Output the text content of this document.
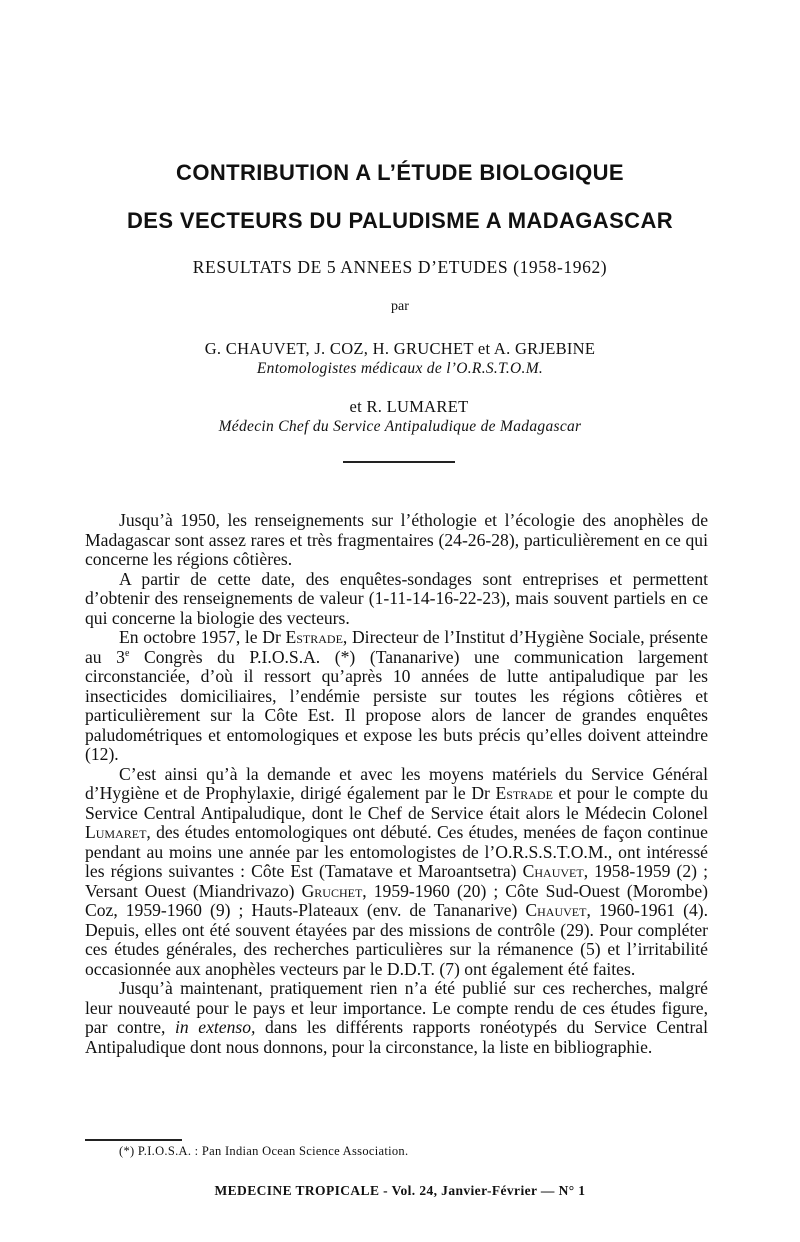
CONTRIBUTION A L’ÉTUDE BIOLOGIQUE
DES VECTEURS DU PALUDISME A MADAGASCAR
RESULTATS DE 5 ANNEES D’ETUDES (1958-1962)
par
G. CHAUVET, J. COZ, H. GRUCHET et A. GRJEBINE
Entomologistes médicaux de l’O.R.S.T.O.M.
et R. LUMARET
Médecin Chef du Service Antipaludique de Madagascar

Jusqu’à 1950, les renseignements sur l’éthologie et l’écologie des anophèles de Madagascar sont assez rares et très fragmentaires (24-26-28), particulièrement en ce qui concerne les régions côtières.

A partir de cette date, des enquêtes-sondages sont entreprises et permettent d’obtenir des renseignements de valeur (1-11-14-16-22-23), mais souvent partiels en ce qui concerne la biologie des vecteurs.

En octobre 1957, le Dr Estrade, Directeur de l’Institut d’Hygiène Sociale, présente au 3e Congrès du P.I.O.S.A. (*) (Tananarive) une communication largement circonstanciée, d’où il ressort qu’après 10 années de lutte antipaludique par les insecticides domiciliaires, l’endémie persiste sur toutes les régions côtières et particulièrement sur la Côte Est. Il propose alors de lancer de grandes enquêtes paludométriques et entomologiques et expose les buts précis qu’elles doivent atteindre (12).

C’est ainsi qu’à la demande et avec les moyens matériels du Service Général d’Hygiène et de Prophylaxie, dirigé également par le Dr Estrade et pour le compte du Service Central Antipaludique, dont le Chef de Service était alors le Médecin Colonel Lumaret, des études entomologiques ont débuté. Ces études, menées de façon continue pendant au moins une année par les entomologistes de l’O.R.S.S.T.O.M., ont intéressé les régions suivantes : Côte Est (Tamatave et Maroantsetra) Chauvet, 1958-1959 (2) ; Versant Ouest (Miandrivazo) Gruchet, 1959-1960 (20) ; Côte Sud-Ouest (Morombe) Coz, 1959-1960 (9) ; Hauts-Plateaux (env. de Tananarive) Chauvet, 1960-1961 (4). Depuis, elles ont été souvent étayées par des missions de contrôle (29). Pour compléter ces études générales, des recherches particulières sur la rémanence (5) et l’irritabilité occasionnée aux anophèles vecteurs par le D.D.T. (7) ont également été faites.

Jusqu’à maintenant, pratiquement rien n’a été publié sur ces recherches, malgré leur nouveauté pour le pays et leur importance. Le compte rendu de ces études figure, par contre, in extenso, dans les différents rapports ronéotypés du Service Central Antipaludique dont nous donnons, pour la circonstance, la liste en bibliographie.

(*) P.I.O.S.A. : Pan Indian Ocean Science Association.
MEDECINE TROPICALE - Vol. 24, Janvier-Février — N° 1
